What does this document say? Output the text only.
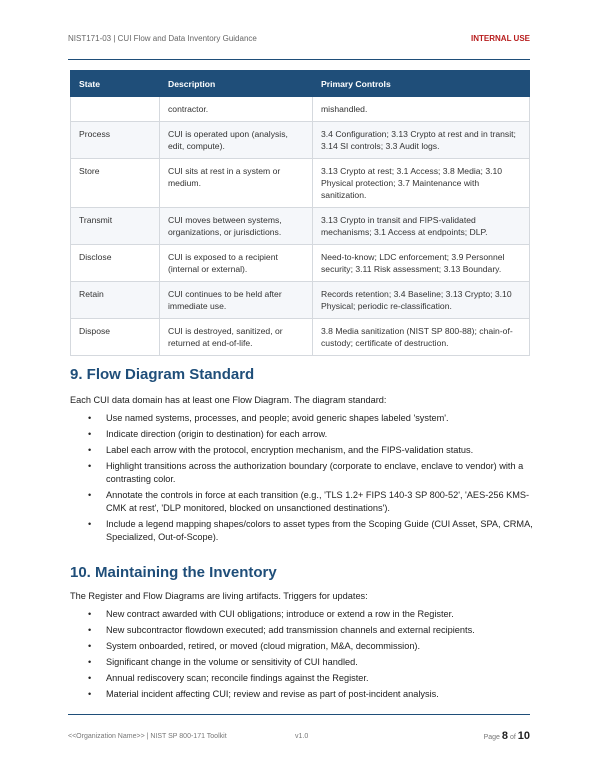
NIST171-03 | CUI Flow and Data Inventory Guidance	INTERNAL USE
State	Description	Primary Controls
	contractor.	mishandled.
Process	CUI is operated upon (analysis, edit, compute).	3.4 Configuration; 3.13 Crypto at rest and in transit; 3.14 SI controls; 3.3 Audit logs.
Store	CUI sits at rest in a system or medium.	3.13 Crypto at rest; 3.1 Access; 3.8 Media; 3.10 Physical protection; 3.7 Maintenance with sanitization.
Transmit	CUI moves between systems, organizations, or jurisdictions.	3.13 Crypto in transit and FIPS-validated mechanisms; 3.1 Access at endpoints; DLP.
Disclose	CUI is exposed to a recipient (internal or external).	Need-to-know; LDC enforcement; 3.9 Personnel security; 3.11 Risk assessment; 3.13 Boundary.
Retain	CUI continues to be held after immediate use.	Records retention; 3.4 Baseline; 3.13 Crypto; 3.10 Physical; periodic re-classification.
Dispose	CUI is destroyed, sanitized, or returned at end-of-life.	3.8 Media sanitization (NIST SP 800-88); chain-of-custody; certificate of destruction.
9. Flow Diagram Standard
Each CUI data domain has at least one Flow Diagram. The diagram standard:
• Use named systems, processes, and people; avoid generic shapes labeled 'system'.
• Indicate direction (origin to destination) for each arrow.
• Label each arrow with the protocol, encryption mechanism, and the FIPS-validation status.
• Highlight transitions across the authorization boundary (corporate to enclave, enclave to vendor) with a contrasting color.
• Annotate the controls in force at each transition (e.g., 'TLS 1.2+ FIPS 140-3 SP 800-52', 'AES-256 KMS-CMK at rest', 'DLP monitored, blocked on unsanctioned destinations').
• Include a legend mapping shapes/colors to asset types from the Scoping Guide (CUI Asset, SPA, CRMA, Specialized, Out-of-Scope).
10. Maintaining the Inventory
The Register and Flow Diagrams are living artifacts. Triggers for updates:
• New contract awarded with CUI obligations; introduce or extend a row in the Register.
• New subcontractor flowdown executed; add transmission channels and external recipients.
• System onboarded, retired, or moved (cloud migration, M&A, decommission).
• Significant change in the volume or sensitivity of CUI handled.
• Annual rediscovery scan; reconcile findings against the Register.
• Material incident affecting CUI; review and revise as part of post-incident analysis.
<<Organization Name>> | NIST SP 800-171 Toolkit	v1.0	Page 8 of 10
